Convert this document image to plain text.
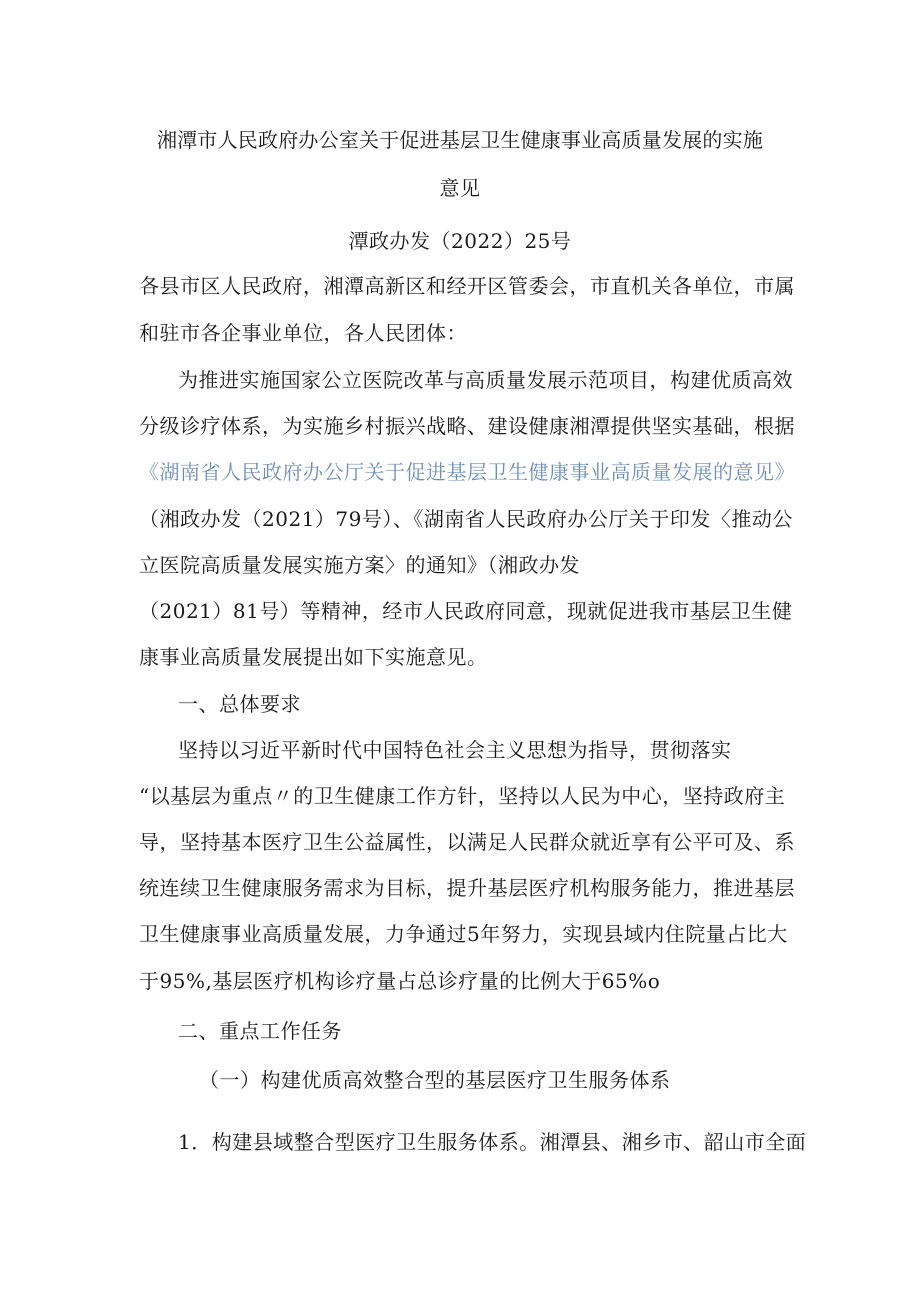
湘潭市人民政府办公室关于促进基层卫生健康事业高质量发展的实施
意见
潭政办发（2022）25号
各县市区人民政府，湘潭高新区和经开区管委会，市直机关各单位，市属
和驻市各企事业单位，各人民团体：
为推进实施国家公立医院改革与高质量发展示范项目，构建优质高效
分级诊疗体系，为实施乡村振兴战略、建设健康湘潭提供坚实基础，根据
《湖南省人民政府办公厅关于促进基层卫生健康事业高质量发展的意见》
（湘政办发（2021）79号）、《湖南省人民政府办公厅关于印发〈推动公
立医院高质量发展实施方案〉的通知》（湘政办发
（2021）81号）等精神，经市人民政府同意，现就促进我市基层卫生健
康事业高质量发展提出如下实施意见。
一、总体要求
坚持以习近平新时代中国特色社会主义思想为指导，贯彻落实
“以基层为重点〃的卫生健康工作方针，坚持以人民为中心，坚持政府主
导，坚持基本医疗卫生公益属性，以满足人民群众就近享有公平可及、系
统连续卫生健康服务需求为目标，提升基层医疗机构服务能力，推进基层
卫生健康事业高质量发展，力争通过5年努力，实现县域内住院量占比大
于95%,基层医疗机构诊疗量占总诊疗量的比例大于65%o
二、重点工作任务
（一）构建优质高效整合型的基层医疗卫生服务体系
1．构建县域整合型医疗卫生服务体系。湘潭县、湘乡市、韶山市全面
